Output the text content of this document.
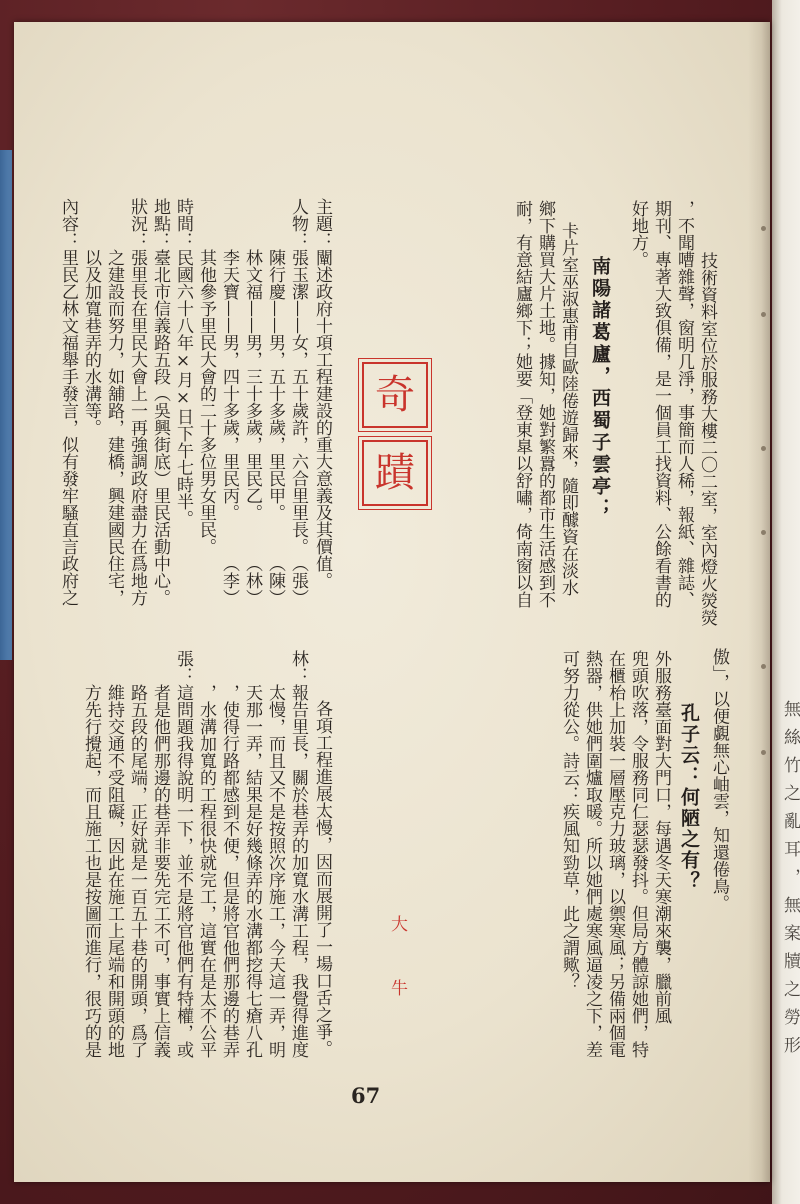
技術資料室位於服務大樓二〇二室，室內燈火熒熒
，不聞嘈雜聲，窗明几淨，事簡而人稀，報紙、雜誌、
期刊、專著大致俱備，是一個員工找資料、公餘看書的
好地方。
南陽諸葛廬，西蜀子雲亭；
卡片室巫淑惠甫自歐陸倦遊歸來，隨即醵資在淡水
鄉下購買大片土地。據知，她對繁囂的都市生活感到不
耐，有意結廬鄉下；她要「登東臯以舒嘯，倚南窗以自
傲」，以便覷無心岫雲，知還倦鳥。
孔子云：何陋之有？
外服務臺面對大門口，每遇冬天寒潮來襲，臘前風
兜頭吹落，令服務同仁瑟瑟發抖。但局方體諒她們，特
在櫃枱上加裝一層壓克力玻璃，以禦寒風；另備兩個電
熱器，供她們圍爐取暖。所以她們處寒風逼凌之下，差
可努力從公。詩云：疾風知勁草，此之謂歟？
奇
蹟
大
牛
主題：闡述政府十項工程建設的重大意義及其價值。
人物：張玉潔——女，五十歲許，六合里里長。
（張）
陳行慶——男，五十多歲，里民甲。
（陳）
林文福——男，三十多歲，里民乙。
（林）
李天寶——男，四十多歲，里民丙。
（李）
其他參予里民大會的二十多位男女里民。
時間：民國六十八年×月×日下午七時半。
地點：臺北市信義路五段（吳興街底）里民活動中心。
狀況：張里長在里民大會上一再強調政府盡力在爲地方
之建設而努力，如舖路，建橋，興建國民住宅，
以及加寬巷弄的水溝等。
內容：里民乙林文福舉手發言，似有發牢騷直言政府之
各項工程進展太慢，因而展開了一場口舌之爭。
林：報告里長，關於巷弄的加寬水溝工程，我覺得進度
太慢，而且又不是按照次序施工，今天這一弄，明
天那一弄，結果是好幾條弄的水溝都挖得七瘡八孔
，使得行路都感到不便，但是將官他們那邊的巷弄
，水溝加寬的工程很快就完工，這實在是太不公平
張：這問題我得說明一下，並不是將官他們有特權，或
者是他們那邊的巷弄非要先完工不可，事實上信義
路五段的尾端，正好就是一百五十巷的開頭，爲了
維持交通不受阻礙，因此在施工上尾端和開頭的地
方先行攪起，而且施工也是按圖而進行，很巧的是
67
無絲竹之亂耳，無案牘之勞形
